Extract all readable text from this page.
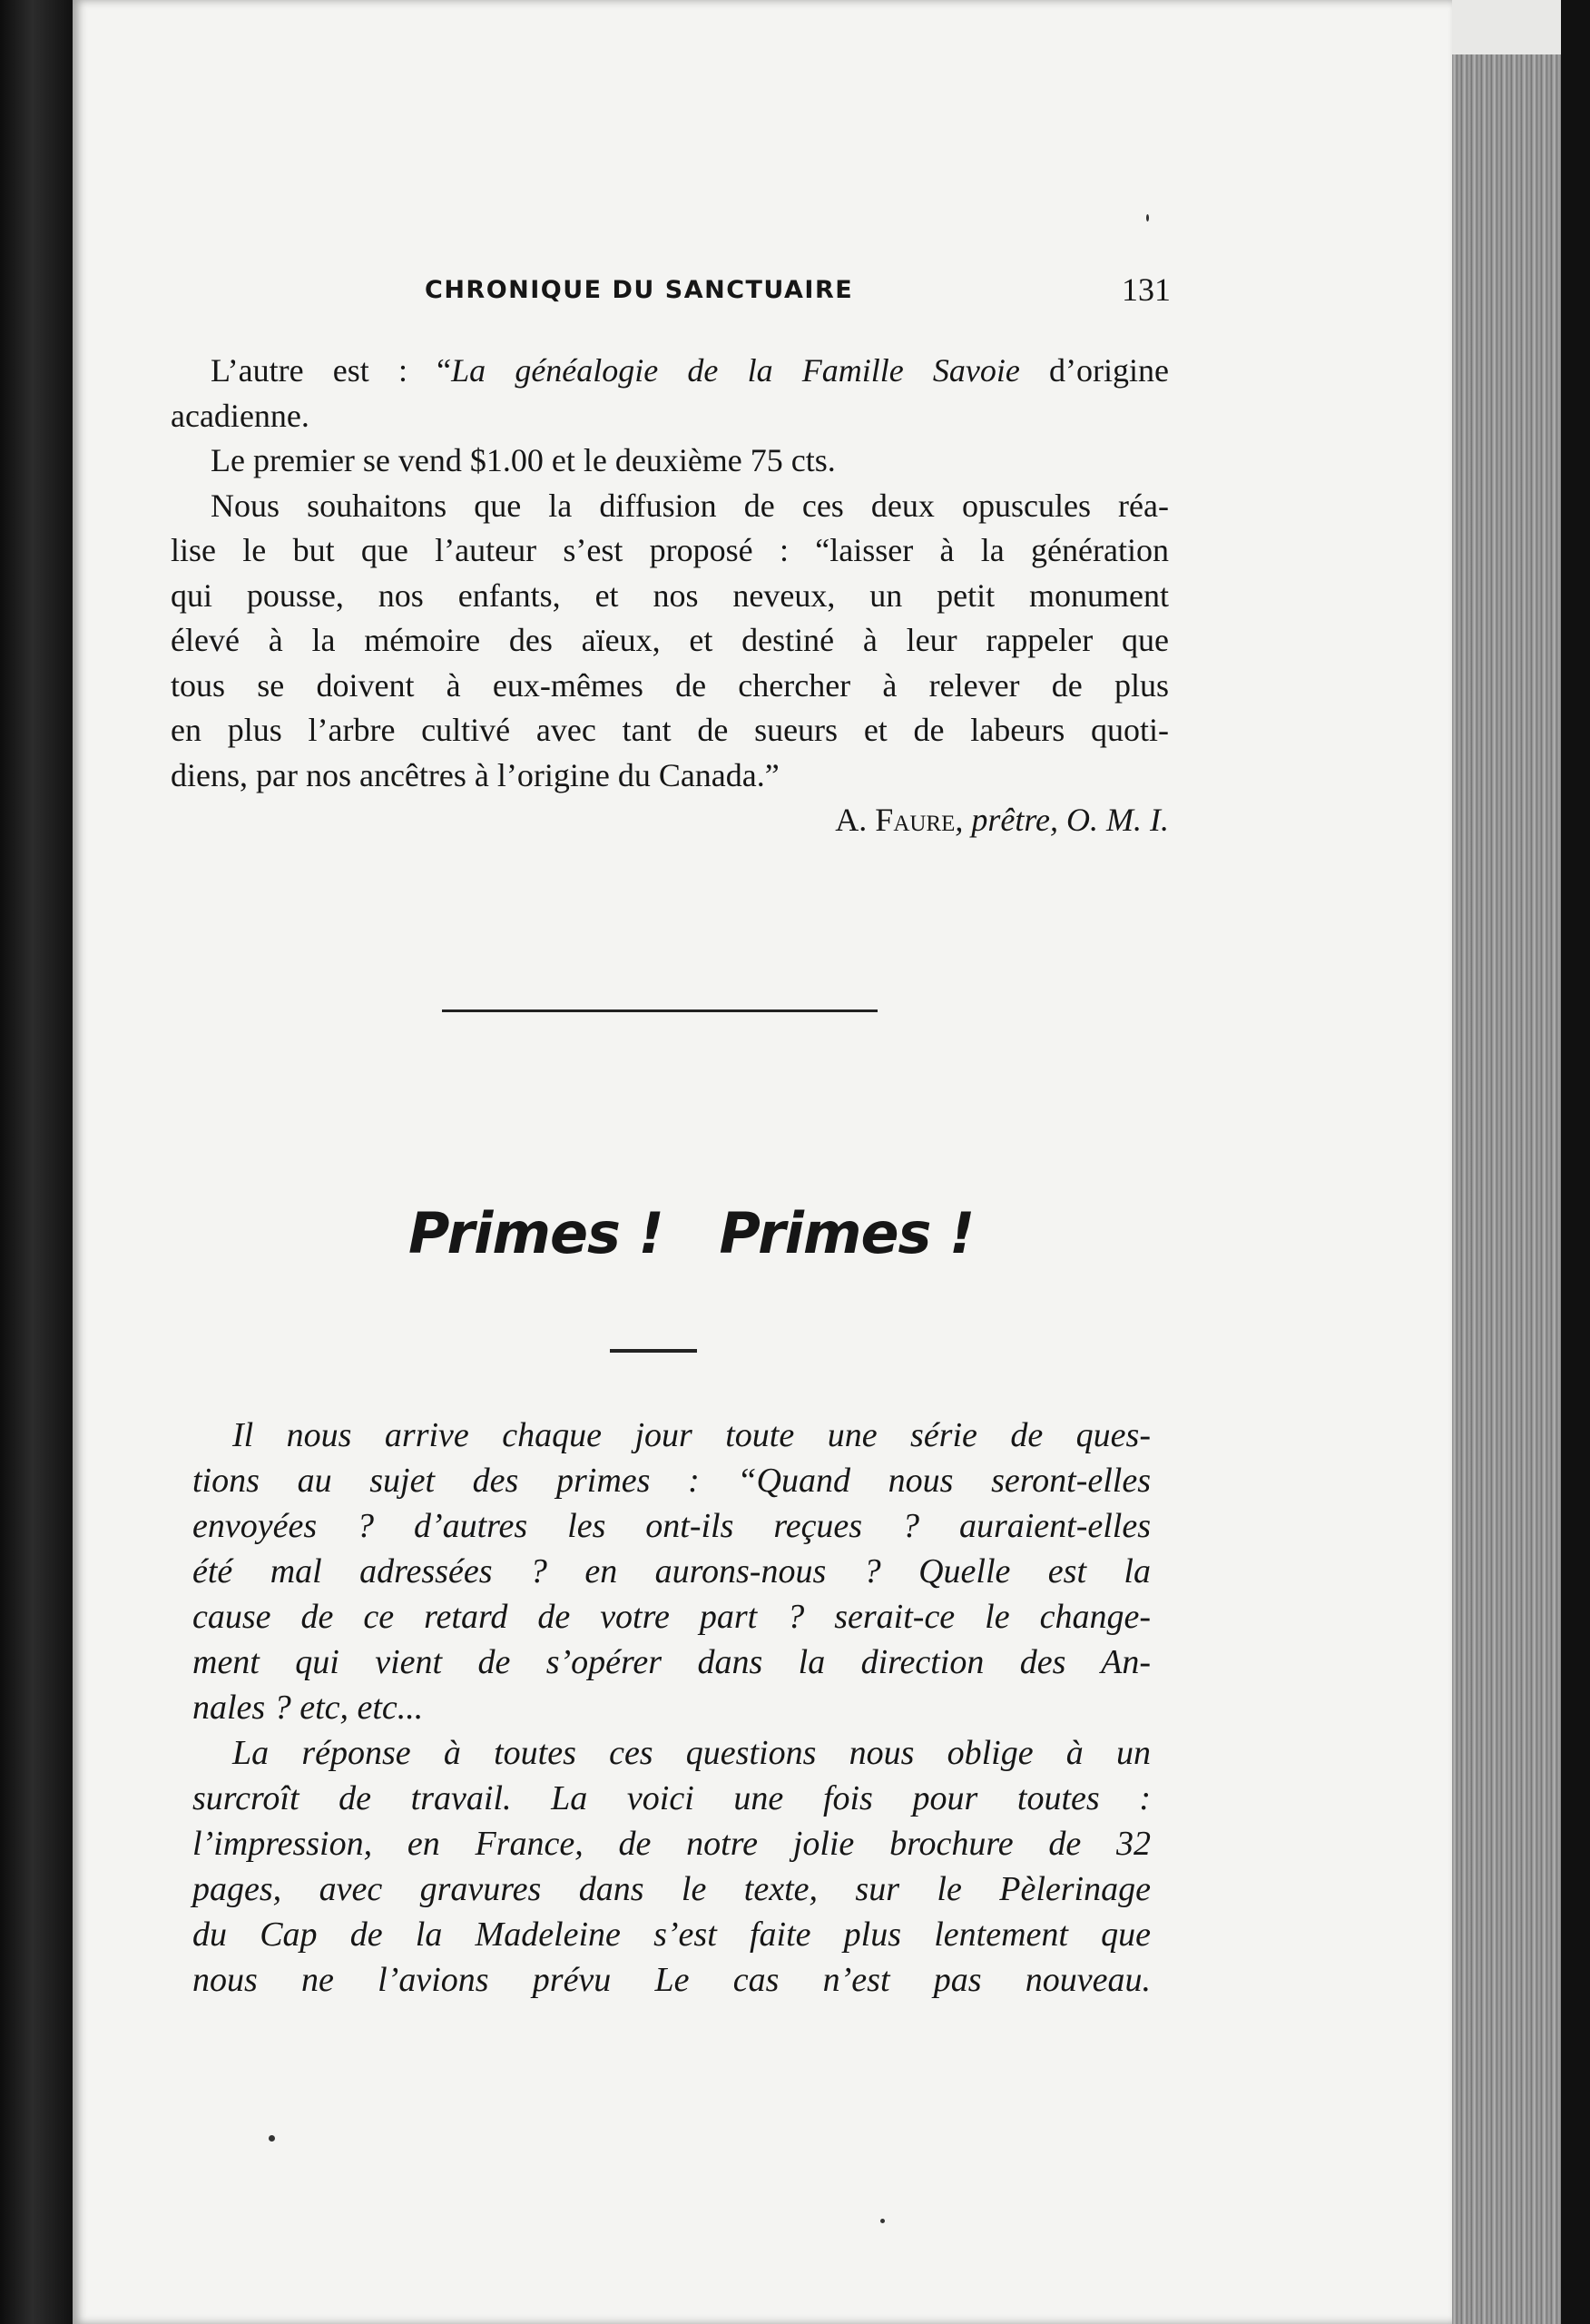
CHRONIQUE DU SANCTUAIRE	131

L’autre est : “La généalogie de la Famille Savoie d’origine
acadienne.

Le premier se vend $1.00 et le deuxième 75 cts.

Nous souhaitons que la diffusion de ces deux opuscules réa-
lise le but que l’auteur s’est proposé : “laisser à la génération
qui pousse, nos enfants, et nos neveux, un petit monument
élevé à la mémoire des aïeux, et destiné à leur rappeler que
tous se doivent à eux-mêmes de chercher à relever de plus
en plus l’arbre cultivé avec tant de sueurs et de labeurs quoti-
diens, par nos ancêtres à l’origine du Canada.”

A. Faure, prêtre, O. M. I.

Primes !   Primes !

Il nous arrive chaque jour toute une série de ques-
tions au sujet des primes : “Quand nous seront-elles
envoyées ? d’autres les ont-ils reçues ? auraient-elles
été mal adressées ? en aurons-nous ? Quelle est la
cause de ce retard de votre part ? serait-ce le change-
ment qui vient de s’opérer dans la direction des An-
nales ? etc, etc...

La réponse à toutes ces questions nous oblige à un
surcroît de travail. La voici une fois pour toutes :
l’impression, en France, de notre jolie brochure de 32
pages, avec gravures dans le texte, sur le Pèlerinage
du Cap de la Madeleine s’est faite plus lentement que
nous ne l’avions prévu Le cas n’est pas nouveau.
